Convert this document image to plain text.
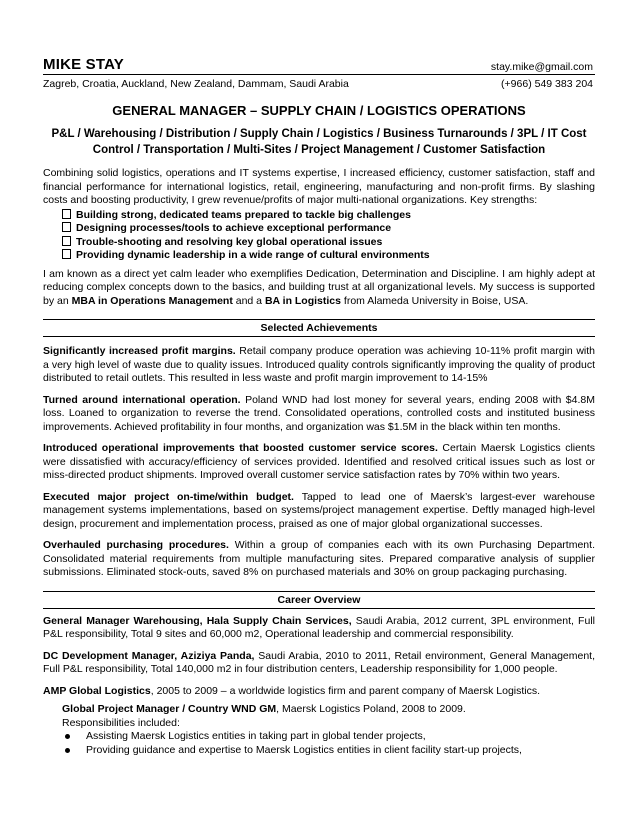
MIKE STAY	stay.mike@gmail.com
Zagreb, Croatia, Auckland, New Zealand, Dammam, Saudi Arabia	(+966) 549 383 204
GENERAL MANAGER – SUPPLY CHAIN / LOGISTICS OPERATIONS
P&L / Warehousing / Distribution / Supply Chain / Logistics / Business Turnarounds / 3PL / IT Cost Control / Transportation / Multi-Sites / Project Management / Customer Satisfaction

Combining solid logistics, operations and IT systems expertise, I increased efficiency, customer satisfaction, staff and financial performance for international logistics, retail, engineering, manufacturing and non-profit firms. By slashing costs and boosting productivity, I grew revenue/profits of major multi-national organizations. Key strengths:

Building strong, dedicated teams prepared to tackle big challenges
Designing processes/tools to achieve exceptional performance
Trouble-shooting and resolving key global operational issues
Providing dynamic leadership in a wide range of cultural environments

I am known as a direct yet calm leader who exemplifies Dedication, Determination and Discipline. I am highly adept at reducing complex concepts down to the basics, and building trust at all organizational levels. My success is supported by an MBA in Operations Management and a BA in Logistics from Alameda University in Boise, USA.

Selected Achievements

Significantly increased profit margins. Retail company produce operation was achieving 10-11% profit margin with a very high level of waste due to quality issues. Introduced quality controls significantly improving the quality of product distributed to retail outlets. This resulted in less waste and profit margin improvement to 14-15%

Turned around international operation. Poland WND had lost money for several years, ending 2008 with $4.8M loss. Loaned to organization to reverse the trend. Consolidated operations, controlled costs and instituted business improvements. Achieved profitability in four months, and organization was $1.5M in the black within ten months.

Introduced operational improvements that boosted customer service scores. Certain Maersk Logistics clients were dissatisfied with accuracy/efficiency of services provided. Identified and resolved critical issues such as lost or miss-directed product shipments. Improved overall customer service satisfaction rates by 70% within two years.

Executed major project on-time/within budget. Tapped to lead one of Maersk’s largest-ever warehouse management systems implementations, based on systems/project management expertise. Deftly managed high-level design, procurement and implementation process, praised as one of major global organizational successes.

Overhauled purchasing procedures. Within a group of companies each with its own Purchasing Department. Consolidated material requirements from multiple manufacturing sites. Prepared comparative analysis of supplier submissions. Eliminated stock-outs, saved 8% on purchased materials and 30% on group packaging purchasing.

Career Overview

General Manager Warehousing, Hala Supply Chain Services, Saudi Arabia, 2012 current, 3PL environment, Full P&L responsibility, Total 9 sites and 60,000 m2, Operational leadership and commercial responsibility.

DC Development Manager, Aziziya Panda, Saudi Arabia, 2010 to 2011, Retail environment, General Management, Full P&L responsibility, Total 140,000 m2 in four distribution centers, Leadership responsibility for 1,000 people.

AMP Global Logistics, 2005 to 2009 – a worldwide logistics firm and parent company of Maersk Logistics.

Global Project Manager / Country WND GM, Maersk Logistics Poland, 2008 to 2009.

Responsibilities included:

Assisting Maersk Logistics entities in taking part in global tender projects,
Providing guidance and expertise to Maersk Logistics entities in client facility start-up projects,
